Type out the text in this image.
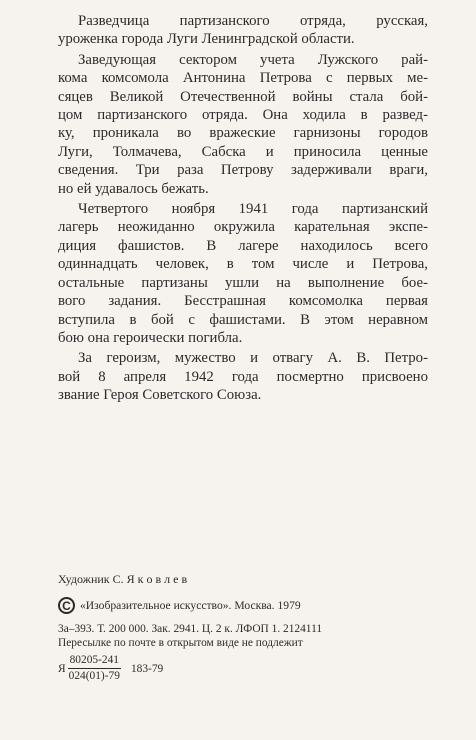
Разведчица партизанского отряда, русская,
уроженка города Луги Ленинградской области.

Заведующая сектором учета Лужского рай-
кома комсомола Антонина Петрова с первых ме-
сяцев Великой Отечественной войны стала бой-
цом партизанского отряда. Она ходила в развед-
ку, проникала во вражеские гарнизоны городов
Луги, Толмачева, Сабска и приносила ценные
сведения. Три раза Петрову задерживали враги,
но ей удавалось бежать.

Четвертого ноября 1941 года партизанский
лагерь неожиданно окружила карательная экспе-
диция фашистов. В лагере находилось всего
одиннадцать человек, в том числе и Петрова,
остальные партизаны ушли на выполнение бое-
вого задания. Бесстрашная комсомолка первая
вступила в бой с фашистами. В этом неравном
бою она героически погибла.

За героизм, мужество и отвагу А. В. Петро-
вой 8 апреля 1942 года посмертно присвоено
звание Героя Советского Союза.

Художник С. Я к о в л е в
C «Изобразительное искусство». Москва. 1979
3а–393. Т. 200 000. Зак. 2941. Ц. 2 к. ЛФОП 1. 2124111
Пересылке по почте в открытом виде не подлежит
Я $\frac{80205-241}{024(01)-79} 183-79$
